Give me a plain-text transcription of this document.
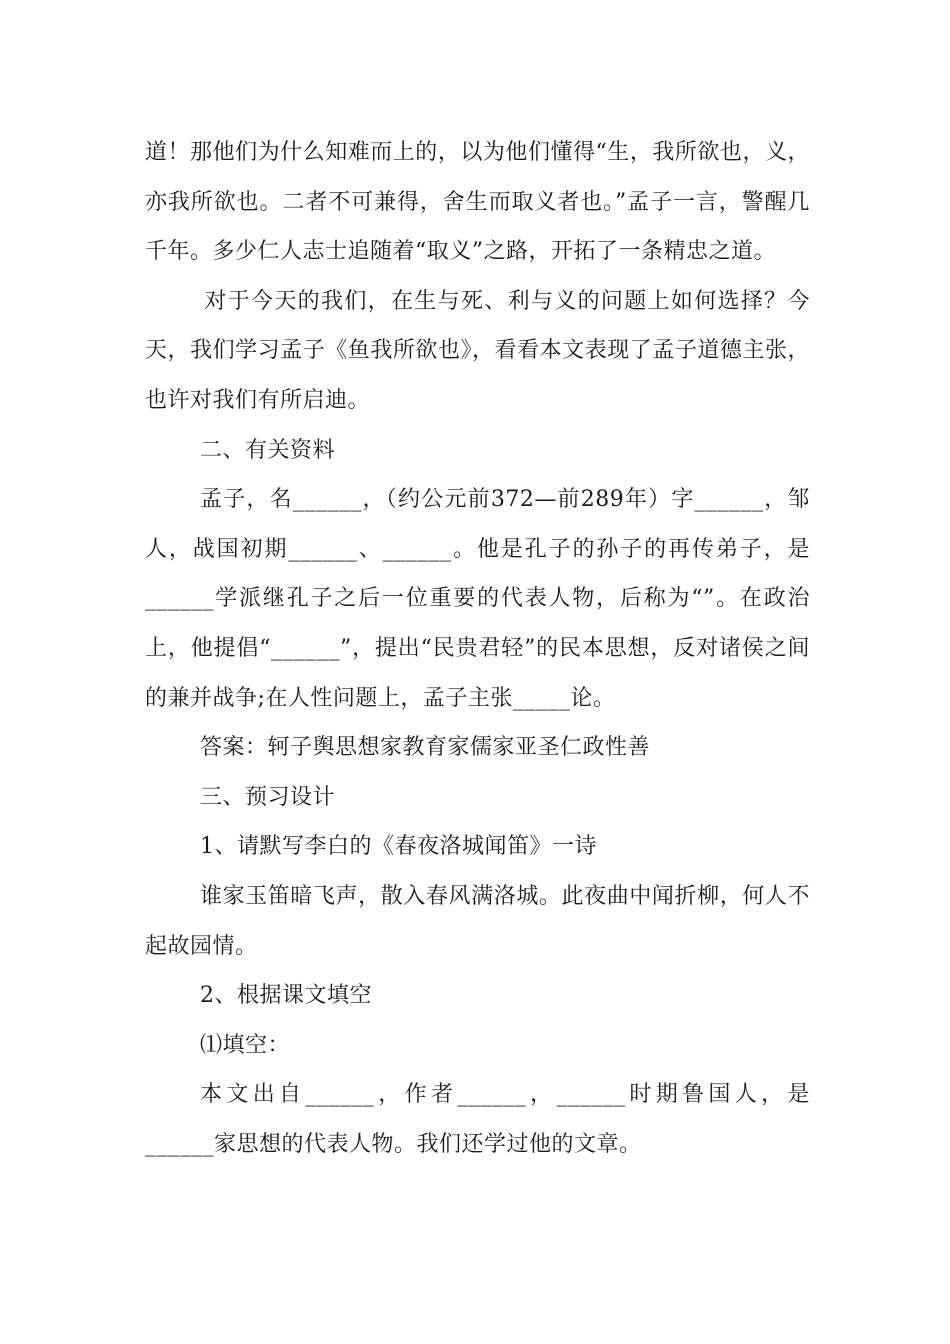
道！那他们为什么知难而上的，以为他们懂得“生，我所欲也，义，亦我所欲也。二者不可兼得，舍生而取义者也。”孟子一言，警醒几千年。多少仁人志士追随着“取义”之路，开拓了一条精忠之道。

对于今天的我们，在生与死、利与义的问题上如何选择？今天，我们学习孟子《鱼我所欲也》，看看本文表现了孟子道德主张，也许对我们有所启迪。

二、有关资料

孟子，名______，（约公元前372—前289年）字______，邹人，战国初期______、______。他是孔子的孙子的再传弟子，是______学派继孔子之后一位重要的代表人物，后称为“”。在政治上，他提倡“______”，提出“民贵君轻”的民本思想，反对诸侯之间的兼并战争;在人性问题上，孟子主张_____论。

答案：轲子舆思想家教育家儒家亚圣仁政性善

三、预习设计

1、请默写李白的《春夜洛城闻笛》一诗

谁家玉笛暗飞声，散入春风满洛城。此夜曲中闻折柳，何人不起故园情。

2、根据课文填空

⑴填空：

本文出自______，作者______，______时期鲁国人，是______家思想的代表人物。我们还学过他的文章。
